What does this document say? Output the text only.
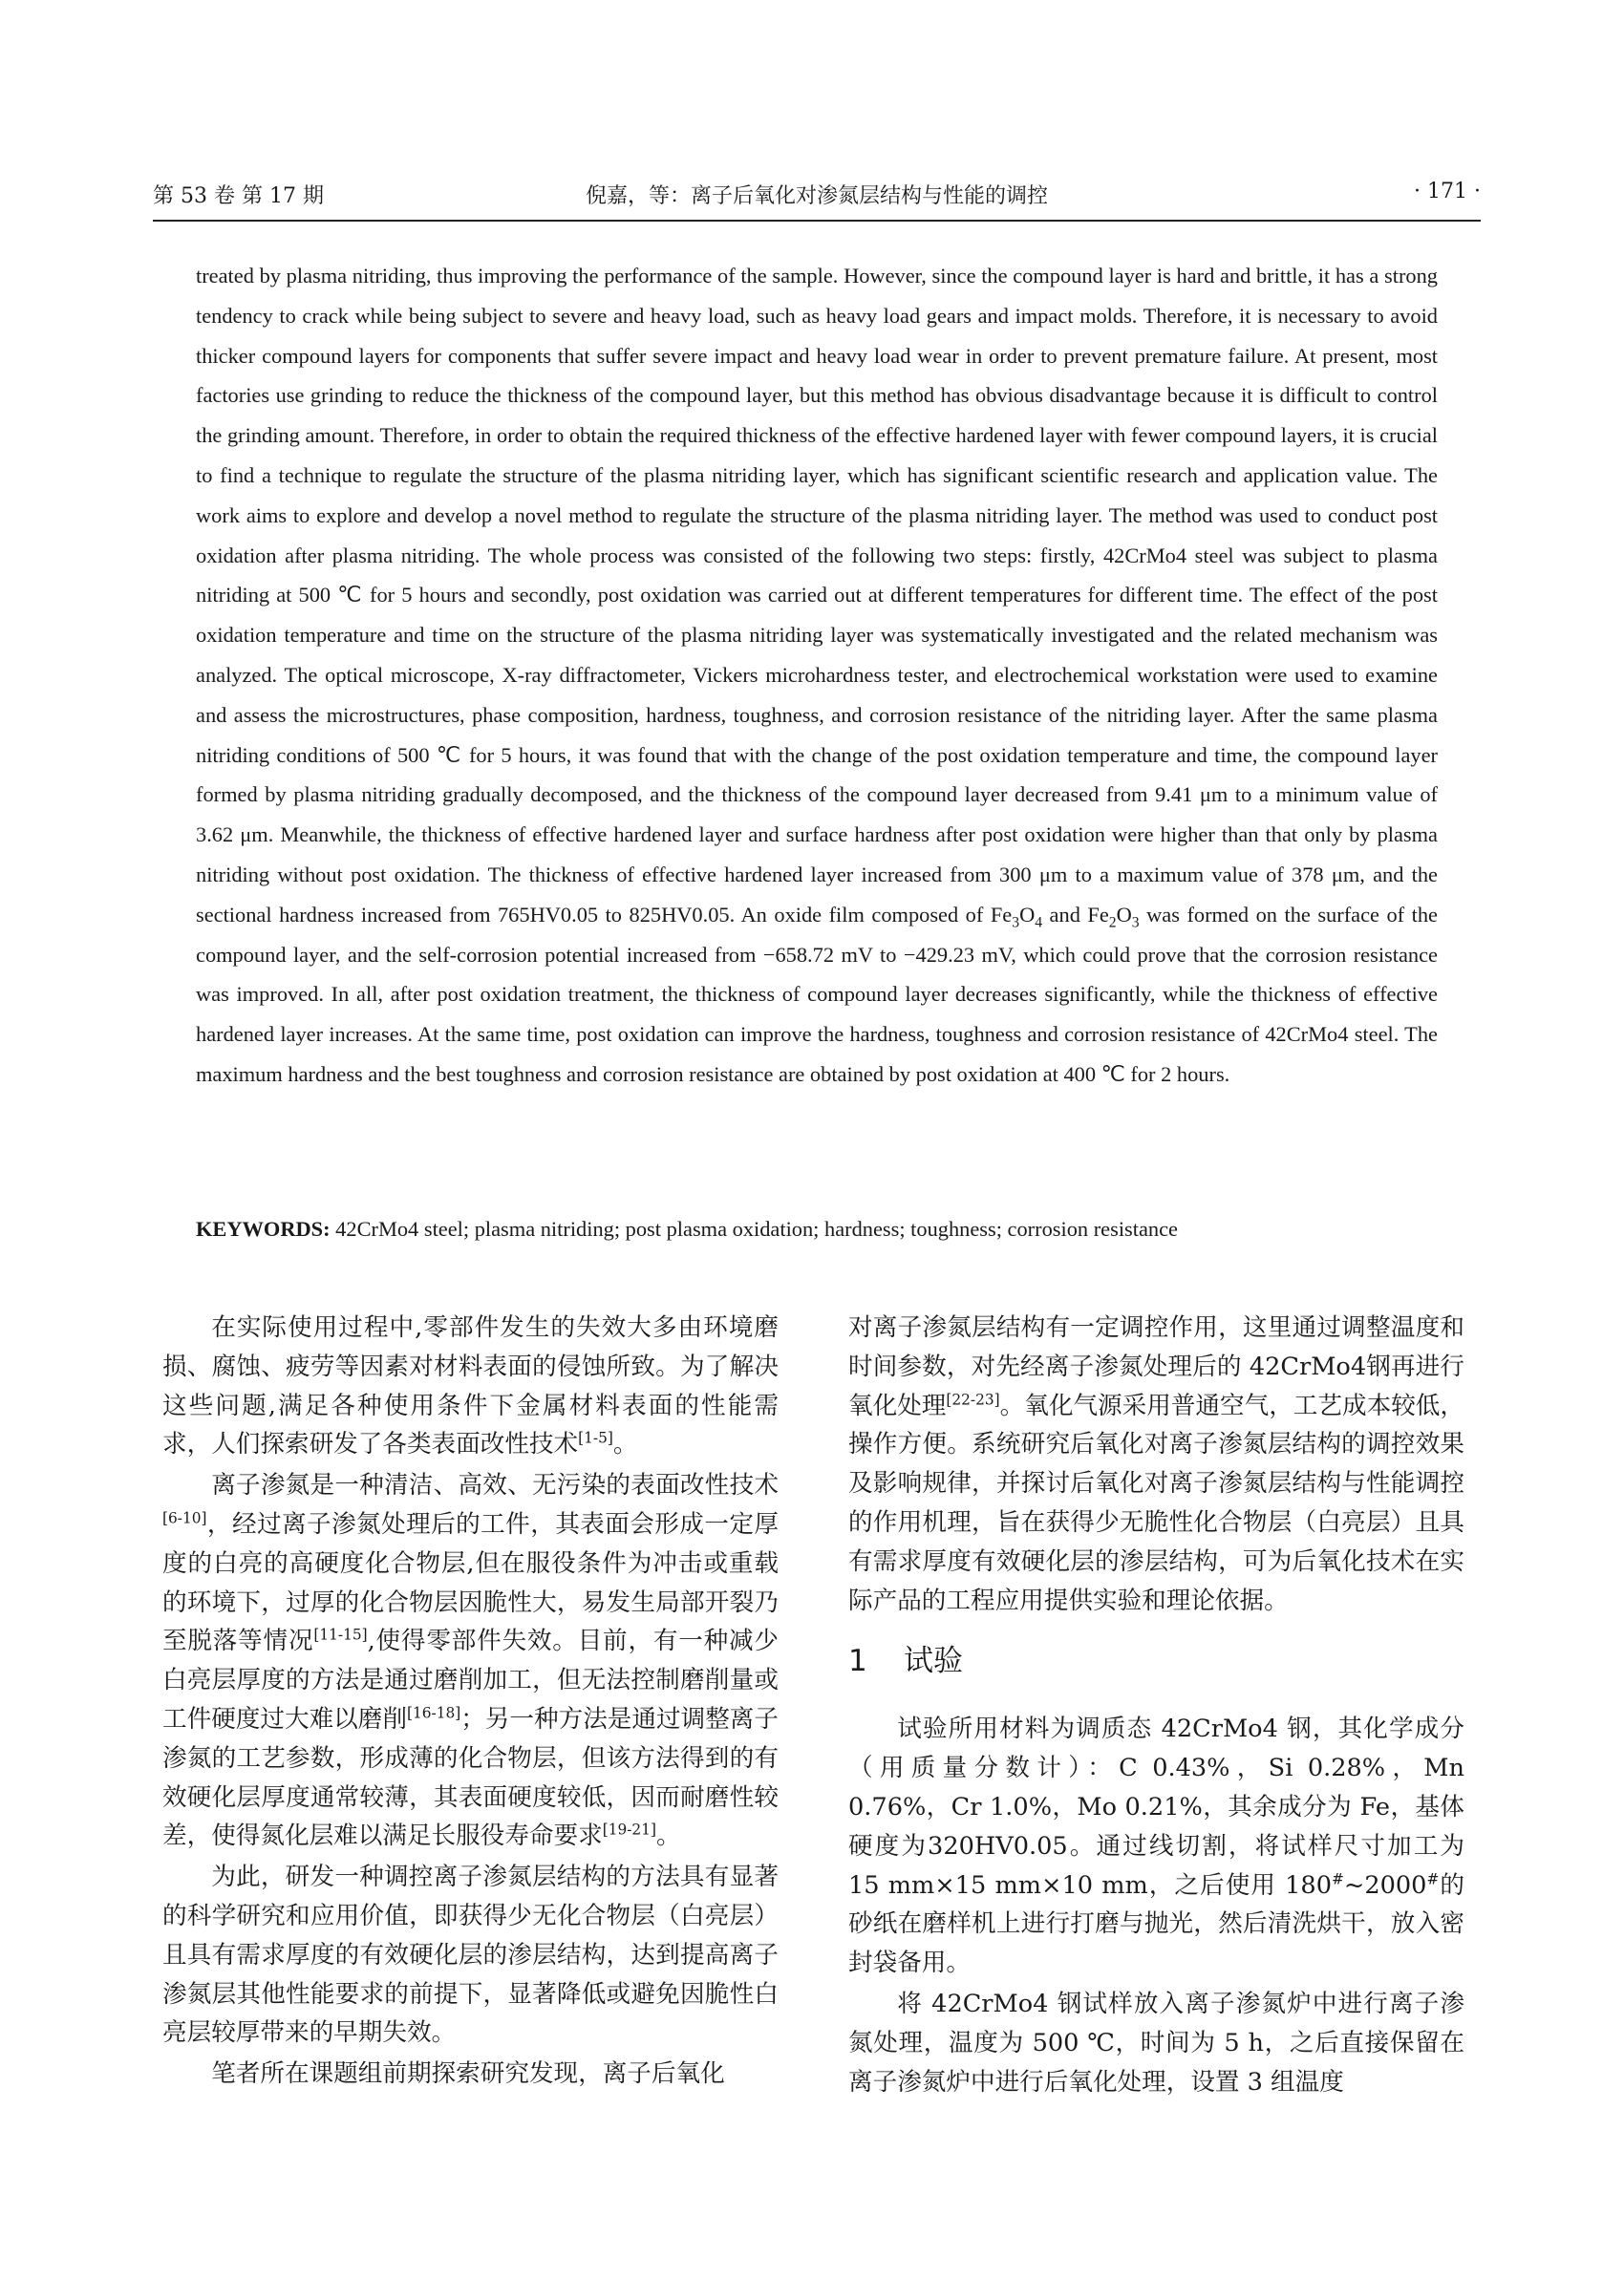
第 53 卷 第 17 期	倪嘉，等：离子后氧化对渗氮层结构与性能的调控	· 171 ·

treated by plasma nitriding, thus improving the performance of the sample. However, since the compound layer is hard and brittle, it has a strong tendency to crack while being subject to severe and heavy load, such as heavy load gears and impact molds. Therefore, it is necessary to avoid thicker compound layers for components that suffer severe impact and heavy load wear in order to prevent premature failure. At present, most factories use grinding to reduce the thickness of the compound layer, but this method has obvious disadvantage because it is difficult to control the grinding amount. Therefore, in order to obtain the required thickness of the effective hardened layer with fewer compound layers, it is crucial to find a technique to regulate the structure of the plasma nitriding layer, which has significant scientific research and application value. The work aims to explore and develop a novel method to regulate the structure of the plasma nitriding layer. The method was used to conduct post oxidation after plasma nitriding. The whole process was consisted of the following two steps: firstly, 42CrMo4 steel was subject to plasma nitriding at 500 ℃ for 5 hours and secondly, post oxidation was carried out at different temperatures for different time. The effect of the post oxidation temperature and time on the structure of the plasma nitriding layer was systematically investigated and the related mechanism was analyzed. The optical microscope, X-ray diffractometer, Vickers microhardness tester, and electrochemical workstation were used to examine and assess the microstructures, phase composition, hardness, toughness, and corrosion resistance of the nitriding layer. After the same plasma nitriding conditions of 500 ℃ for 5 hours, it was found that with the change of the post oxidation temperature and time, the compound layer formed by plasma nitriding gradually decomposed, and the thickness of the compound layer decreased from 9.41 μm to a minimum value of 3.62 μm. Meanwhile, the thickness of effective hardened layer and surface hardness after post oxidation were higher than that only by plasma nitriding without post oxidation. The thickness of effective hardened layer increased from 300 μm to a maximum value of 378 μm, and the sectional hardness increased from 765HV0.05 to 825HV0.05. An oxide film composed of $Fe_3O_4$ and $Fe_2O_3$ was formed on the surface of the compound layer, and the self-corrosion potential increased from −658.72 mV to −429.23 mV, which could prove that the corrosion resistance was improved. In all, after post oxidation treatment, the thickness of compound layer decreases significantly, while the thickness of effective hardened layer increases. At the same time, post oxidation can improve the hardness, toughness and corrosion resistance of 42CrMo4 steel. The maximum hardness and the best toughness and corrosion resistance are obtained by post oxidation at 400 ℃ for 2 hours.

KEYWORDS: 42CrMo4 steel; plasma nitriding; post plasma oxidation; hardness; toughness; corrosion resistance

在实际使用过程中,零部件发生的失效大多由环境磨损、腐蚀、疲劳等因素对材料表面的侵蚀所致。为了解决这些问题,满足各种使用条件下金属材料表面的性能需求，人们探索研发了各类表面改性技术[1-5]。

离子渗氮是一种清洁、高效、无污染的表面改性技术[6-10]，经过离子渗氮处理后的工件，其表面会形成一定厚度的白亮的高硬度化合物层,但在服役条件为冲击或重载的环境下，过厚的化合物层因脆性大，易发生局部开裂乃至脱落等情况[11-15],使得零部件失效。目前，有一种减少白亮层厚度的方法是通过磨削加工，但无法控制磨削量或工件硬度过大难以磨削[16-18]；另一种方法是通过调整离子渗氮的工艺参数，形成薄的化合物层，但该方法得到的有效硬化层厚度通常较薄，其表面硬度较低，因而耐磨性较差，使得氮化层难以满足长服役寿命要求[19-21]。

为此，研发一种调控离子渗氮层结构的方法具有显著的科学研究和应用价值，即获得少无化合物层（白亮层）且具有需求厚度的有效硬化层的渗层结构，达到提高离子渗氮层其他性能要求的前提下，显著降低或避免因脆性白亮层较厚带来的早期失效。

笔者所在课题组前期探索研究发现，离子后氧化

对离子渗氮层结构有一定调控作用，这里通过调整温度和时间参数，对先经离子渗氮处理后的 42CrMo4钢再进行氧化处理[22-23]。氧化气源采用普通空气，工艺成本较低，操作方便。系统研究后氧化对离子渗氮层结构的调控效果及影响规律，并探讨后氧化对离子渗氮层结构与性能调控的作用机理，旨在获得少无脆性化合物层（白亮层）且具有需求厚度有效硬化层的渗层结构，可为后氧化技术在实际产品的工程应用提供实验和理论依据。

1 试验

试验所用材料为调质态 42CrMo4 钢，其化学成分（用质量分数计）：C 0.43%，Si 0.28%，Mn 0.76%，Cr 1.0%，Mo 0.21%，其余成分为 Fe，基体硬度为320HV0.05。通过线切割，将试样尺寸加工为 15 mm×15 mm×10 mm，之后使用 180#~2000#的砂纸在磨样机上进行打磨与抛光，然后清洗烘干，放入密封袋备用。

将 42CrMo4 钢试样放入离子渗氮炉中进行离子渗氮处理，温度为 500 ℃，时间为 5 h，之后直接保留在离子渗氮炉中进行后氧化处理，设置 3 组温度
